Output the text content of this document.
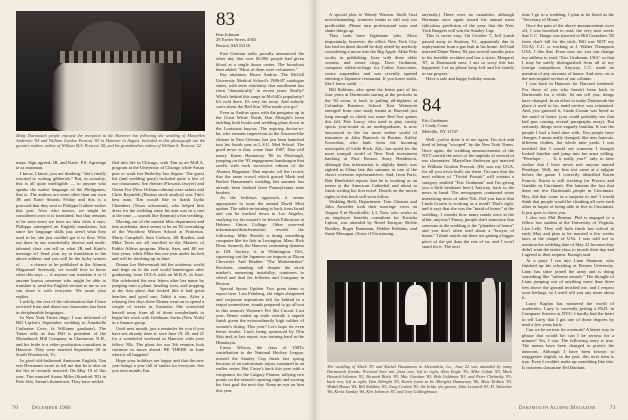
Many Dartmouth people enjoyed the reception at the Hanover Inn following the wedding of Maryellen Anderson '84 and William Gordon Prescott '83 in Hanover in August. Included in this photograph are the groom's mother, widow of William M.S. Prescott '28, and his grandmother, widow of William S. Prescott '22.

maps. Sign agreed, JB. and Katie. P.S. Agreeage ta sa maraman.

I know, I know, you are thinking, "she's finally resorted to writing gibberish." But, in actuality, this is all quite intelligible — to anyone who speaks the native language of the Philippines, that is. The authors are none other than our own JB and Katie Stearns Friday and this is a postcard that they sent to Philippa Guthrie earlier this year. Now who knows, we might be considered once it is translated, but that remains to be seen since we have no idea what it says. Philippa attempted an English translation, but since her language skills just aren't what they used to be, she just couldn't get it to flow. Who out there in our wonderfully diverse and multi-talented class can tell us what JB and Katie's message is? Send your try at translation to the above address and you will be the lucky winner of . . . a chance to be published in the Alumni Magazine! Seriously, we would love to know what this says — if anyone can translate it or if anyone knows someone who might be able to translate it, send the English version to me so we can share it with everyone. We await your replies.

Luckily, the rest of the information that I have received from and about our classmates has been in decipherable languages.

In New York Times lingo, I was informed of Bill Lipfert's September wedding to Annabelle Catherine Cove, (a Williams graduate). The Times tells us that Bill is president of the Monadnock Mill Company in Claremont, N.H., and his bride is a video production consultant in Hanover. They were married September 20 in South Woodstock, Vt.

In good old-fashioned American English, Tim von Herrmann wrote to tell me that he is also on the list of recently married. On May 10 of this year, Tim married Susan Miles (Stanford '85) in Palo Alto, Susan's hometown. They have settled

fled into life in Chicago, with Tim as an M.B.A. program at the University of Chicago while Susan puts to work her Berkeley law degree. The guest list (and wedding party) included quite a few of our classmates: Jim Steiner (Flowatis lawyer) and Glenn Fox (New Orleans oilman) were ushers and Chris Reynolds (Boston stock analyst) was Tim's best man. Tim would like to thank Lydia Chambers (Texas oilwoman), who helped him dress for the wedding since his arm was in a cast at the time — sounds like (hmmm) a fun wedding.

Moving out of the marital bliss department and into academia, there seems to be an '82 overtaking of the Woodrow Wilson School at Princeton. Marty Campbell, Sam Carlson, Jill Rozikis, and Mike Tavis are all enrolled in the Masters of Public Affairs program. Marty, Sam, and Jill are first years, while Mike has one year under his belt and will be finishing up in June.

Donna Lee Helvenstadt left the academic world and leapt on to the real world bandwagon after graduating from UCLA with an M.B.A. in June. She celebrated the new letters after her name by jumping onto a plane, heading west, and stopping at the first place that looked like it had great beaches and good sun: Tahiti it was. After a relaxing five days there Donna went on to spend a couple of weeks in Australia. She wrenched herself away from all of those wonderlands to begin her work with Goldman, Sachs (New York) in a finance group.

Until next month, just a reminder for you if you have not already done it: save June 19, 20, and 21 for a wonderful weekend in Hanover with your fellow '82s. The plans for our 5th reunion look continue to move ahead. BE THERE in June when it all happens!

Hope your holidays are happy and that the new year brings a year full of smiles for everyone. See you next month. Em.

83
Ken Johnson
28 Exeter Street, #303
Boston, MA 02116

East German radio proudly announced the other day that over 60,000 people had given blood at a single donor center. The broadcast then added: "Most of them were volunteers."

Pay attention, Bruce Andrus. The McGill University Medical School's 1986-87 catalogue states, with eerie similarity, that enrollment has risen "dramatically" in recent years. Really? What's behind this surge in McGill's popularity? It's cold there. It's very far away. And nobody cares about the Red Sox. Who made you go?

Even as Andrus spars with the penguins up in the Great White North, Dan Albright's been tackling both books and wedding plans down in the Louisiana bayous. The aspiring doctor-to-be, who remains impervious to the Amazon-like climate in New Orleans, has just been launched into his fourth year at L.S.U. Med School. The good news is that, come June 1987, Dan will marry Karen Hannaway '86 in Pittsburgh, jumping on the '83 engagement bandwagon that swells with each successive edition of the Alumni Magazine. Dan reports, off the record, that the same crowd which graced Mark and Rachel Hausmann's wedding last summer has already been booked from Pennsylvania state borders.

As the holidays approach, it seems appropriate to issue the annual David Mott update. The rabbi-in-training is back from Israel and can be tracked down in Los Angeles, studying for his master's in Jewish Education at Hebrew Union College. Other year-end information/disinformation reveals the following: Mike Shoody is doing something computer-like for Itek in Lexington, Mass. Rick Dion, formerly the Hanover swimming dynamo in I.M. hockey, is in Wilmington, Del., squeezing out the Japanese car imports at Dixon Chevrolet. And Heather "The Marketmaker" Roulston, standing tall despite the stock market's unnerving instability, continues to wheel and deal for Jefferies and Company in Boston.

Special Sports Update: Two great items to report here. Lisa Feinberg, ski edges sharpened and corporate aspirations left far behind in a teapot somewhere, stands prepared to go all-out in this season's Women's Pro Ski Circuit. Last year, Renee ended up tenth overall, a superb finish given the extraordinarily high caliber of women's skiing. This year? Let's hope for even better results. Lisa's being sponsored by Olin Skis and, at last report, was training hard in the Himalayas.

Casey Wilson, the class of 1983's contribution to the National Hockey League, missed the Stanley Cup finals last spring because of an unfortunate injury sustained in an earlier series. But Casey's back this year with a vengeance for the Calgary Flames, tallying two points on the season's opening night and scoring his first goal the next day. Keep an eye on him this year.

70	December 1986

A special plea to Wendy Wasson. Steffi Graf notwithstanding, women's tennis is still way too predictable. Please turn professional soon and shake things up.

They both have legitimate jobs. More importantly, however, the effect New York City has had on them should be duly noted by anybody considering a move into the Big Apple. Mike Pelz works in publishing, lives with three older women, and wears clogs. Dave Grubman, computer tekkie-at-large for Cather Associates, wears suspenders and was recently spotted entering a Japanese restaurant. If you knew sushi, like I know sushi . . .

Bill Robbins, who spent the better part of his four years at Dartmouth staring at the portraits in the '02 room, is back to pulling all-nighters at Columbia Business School. Ken Weinstein emerged from case study mania at Harvard just long enough to check out some Red Sox games this fall. Pete Leavy, who used to play varsity sports year-round as an undergraduate, is now ensconced in the far more sedate world of insurance at John Hancock in Boston. Ashley Koorobiat, who hails from the booming metropolis of Little Rock, Ark., has opted for the more tranquil world of New York investment banking at First Boston. Stacy Henderson, although this information is slightly dated, was sighted in China late this summer as one of the class's overseas representatives. And, from Paris, Rob Hindsfield reports that he is working as an intern at the American Cathedral and about to finish writing his first novel. Details on the movie rights to this book will soon follow.

Wedding Bells Department: Tom Gleason and Julia Anweiler took their marriage vows on August 9 in Brookville, L.I. Tom, who works as an employee benefits consultant for Kwasha Lipton, was attended by Ronel Enrique, Richie Bradley, Roger Baumann, Debbie Robbins, and Susie Monagan. (Sorry if I'm missing

anybody.) There were no casualties, although Bermann once again issued his annual most ridiculous prediction of the year, that the New York Rangers will win the Stanley Cup.

This is never easy. On October 7, Jeff Lamb passed away in Stratton, Vt., apparently due to asphyxiation from a gas leak in his home. Jeff had married Diane Neuss '84 just several months prior to his horrible accident and has a sister, Margaret '87, at Dartmouth now. I am so sorry this has happened. Let us please keep Jeff and his family in our prayers.

Have a safe and happy holiday season.

84
Eric Grubman
1 Cindy Court
Melville, NY 11747

Well, you've done it to me again. I'm sick and tired of being "scooped" by the New York Times. Once again, the wedding announcements of the NYT carried the news of the nuptials of several of our classmates. Maryellen Anderson got married to William Gordon Prescott. (He was my UGA, for all you trivia buffs out there. I'm sure that the next edition of "Trivial Pursuit" will contain a category entitled "Eric Grubman" and I'm giving you a little headstart here.) Anyway, back to the news at hand. The newspapers contained some interesting news of other '84s. Did you know that Linda Cronin is working as a maid? That's right, and it says that she was the "maid of honor" at the wedding. I wonder how many maids were at the affair, anyway? Funny, people don't announce that someone at the wedding is the "plumber of honor" and you don't often read about a "lawyer of honor." I think maids out there are getting a bigger piece of the pie than the rest of us, and I won't stand for it. The next

time I go to a wedding, I plan to be listed as the "Secretary of Honor."

Once the pain of the above announcement wore off, I was horrified to read, the very next week, that C.C. Hauge was married to Bill Crenshaw '82 (now don't fall for the trick, Bill was NOT my UGA). C.C. is working at J. Walter Thompson USA. I like that. From now on, you can change my address to read: "Eric Grubman, USA" so that I may be safely distinguished from all of my foreign competitors. Anyway, C.C. made no mention of any servants of honor. And now, on to the non-nuptial section of our column.

I was back in Hanover for Harvard weekend. For those of you who haven't been back to Dartmouth for a while, let me tell you, things have changed. In an effort to make Dartmouth the place it used to be, maid service was reinstated. And, you guessed it, Linda Cronin was hired as the maid of honor (you could probably see that bad pun coming several paragraphs away). But seriously, things were vaguely familiar. It was the people I had a hard time with. You people have changes. I mean really changed, like new haircuts, different clothes, the whole nine yards. I was terrified that I would see someone I thought looked familiar and jump into her arms yelling, "Penelope . . . Is it really you?" only to later realize that I have never met anyone named Penelope. Well, my first test came at a tailgate before the game. I correctly identified Karen Francis. Karen is still working for Proctor and Gamble in Cincinnati. She laments the fact that there are few Dartmouth people in Cincinnati. Boy, did that come as a surprise to me! I would think that people would be climbing all over each other in hopes of being able to live in Cincinnati. It just goes to show you.

I also saw Phil Beneau. Phil is engaged to a fellow law student at the University of Virginia, Lisa Lelli. They will both finish law school in early May and plan to be married a few weeks later at the chapel of UVa. I was told not to mention the wedding date of May 22 because they didn't want the entire class to invade their day and I agreed to their request. Enough said.

At a party I ran into Liam Shannon, who finished up his schooling at Boston University. Liam has since joined the army and is doing something like "airborne assault." The thought of Liam jumping out of anything more than three feet above the ground terrified me, and I respect your feelings, so I won't tell you any more about it.

Larry Kaplan has mastered the world of academics. Larry is currently getting a Ph.D. in Computer Science at NYU. I hardly had the heart to tell Larry that I got one of those degrees by mail a few years back.

Can we be serious for a minute? A better way to phrase that would be: can I be serious for a minute? Yes, I can. The following story is true. The names have been changed to protect the innocent. Although I have been known to exaggerate slightly in the past, this next item is true. Even I couldn't make up something like this. It concerns classmate Ted Dardani.

The wedding of Mark '83 and Rachel Hausmann in Alexandria, La., June 22 was attended by many Dartmouth friends. Pictured here are, front row, left to right, Alan Engle '83, Mike Gulati '83, Mark Howard-Johnson '83, Howard Brick '83, Mac Gardner '83, Bob Goldman '83, and Peter Chelmsky '83; back row, left to right, Dan Albright '83, Karen (soon to be Albright) Hannaway '86, Marc Erdhen '83, Mabel Bonus '84, Bill Robbins '83, Greg Corban '83, the bride, the groom, John Leonard '83, D. Valentine '86, Kevin Sandey '86, Ken Johnson '83, and Joey Gallinghouse.
Dartmouth Alumni Magazine 71
